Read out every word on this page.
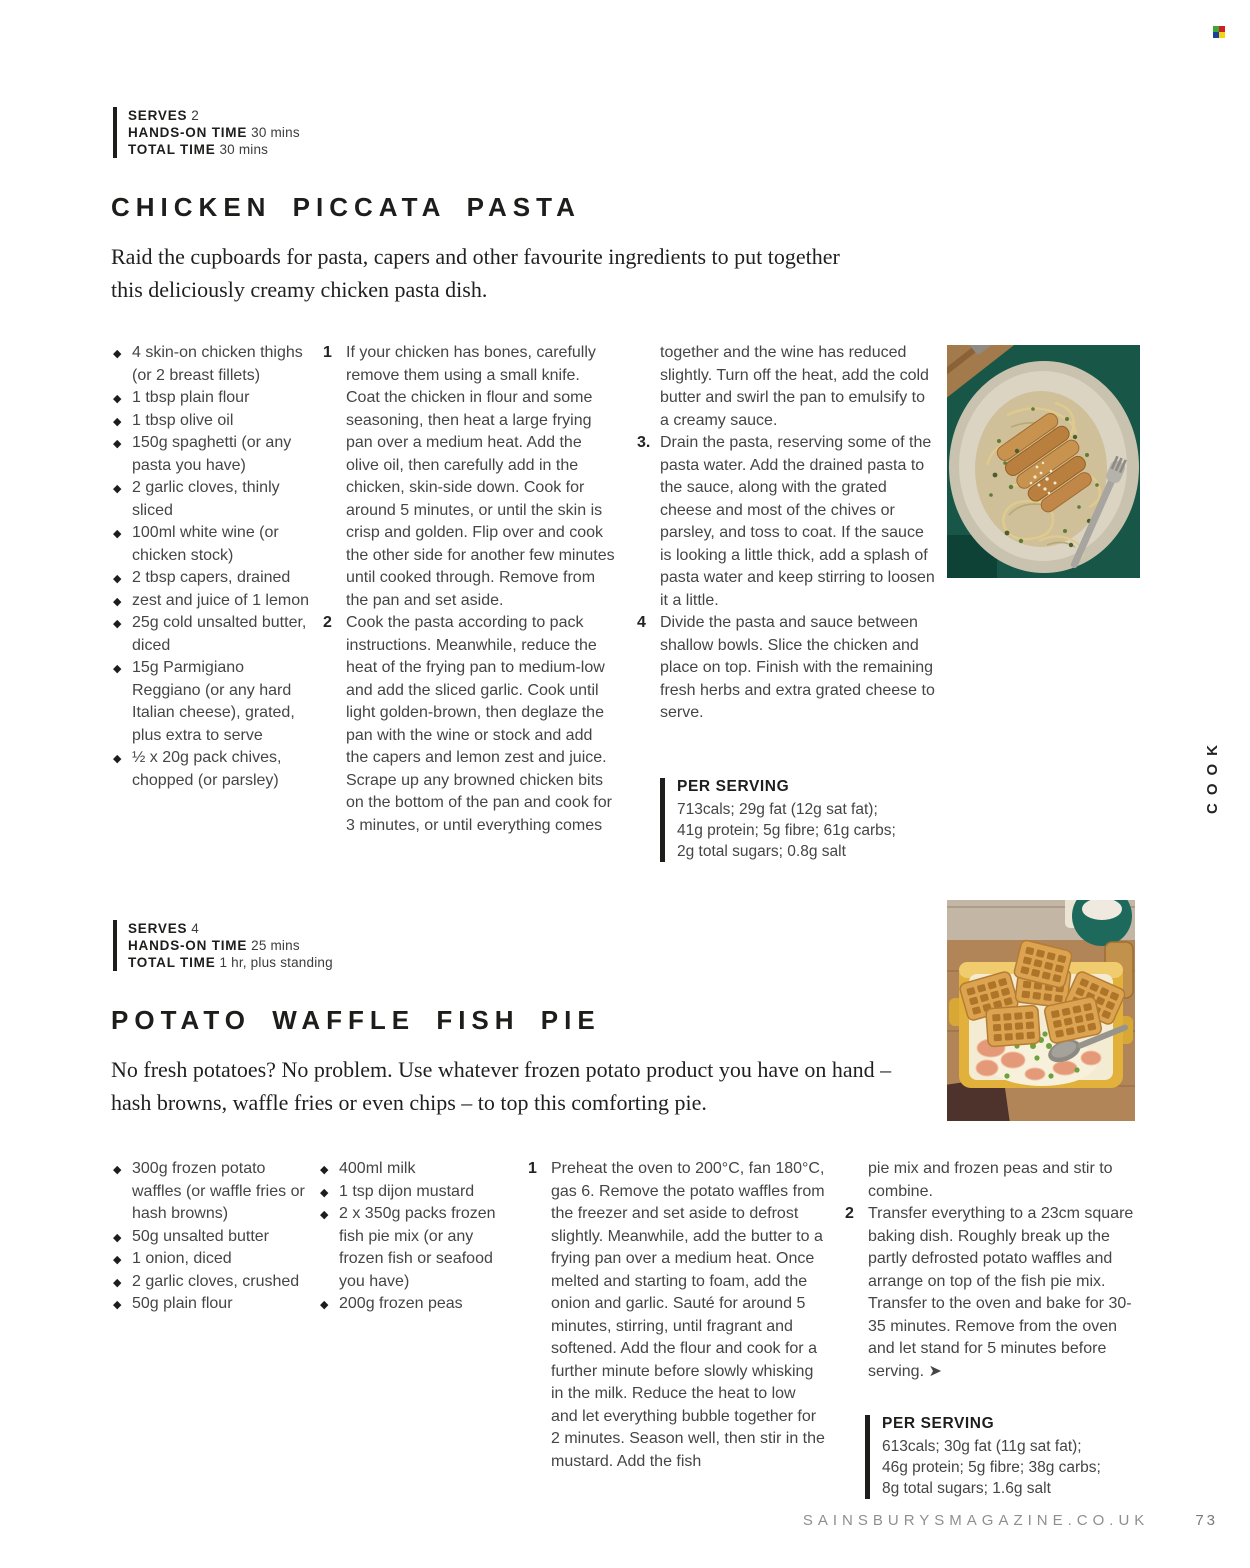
SERVES 2
HANDS-ON TIME 30 mins
TOTAL TIME 30 mins
CHICKEN PICCATA PASTA

Raid the cupboards for pasta, capers and other favourite ingredients to put together this deliciously creamy chicken pasta dish.

◆ 4 skin-on chicken thighs (or 2 breast fillets)
◆ 1 tbsp plain flour
◆ 1 tbsp olive oil
◆ 150g spaghetti (or any pasta you have)
◆ 2 garlic cloves, thinly sliced
◆ 100ml white wine (or chicken stock)
◆ 2 tbsp capers, drained
◆ zest and juice of 1 lemon
◆ 25g cold unsalted butter, diced
◆ 15g Parmigiano Reggiano (or any hard Italian cheese), grated, plus extra to serve
◆ ½ x 20g pack chives, chopped (or parsley)
1 If your chicken has bones, carefully remove them using a small knife. Coat the chicken in flour and some seasoning, then heat a large frying pan over a medium heat. Add the olive oil, then carefully add in the chicken, skin-side down. Cook for around 5 minutes, or until the skin is crisp and golden. Flip over and cook the other side for another few minutes until cooked through. Remove from the pan and set aside.
2 Cook the pasta according to pack instructions. Meanwhile, reduce the heat of the frying pan to medium-low and add the sliced garlic. Cook until light golden-brown, then deglaze the pan with the wine or stock and add the capers and lemon zest and juice. Scrape up any browned chicken bits on the bottom of the pan and cook for 3 minutes, or until everything comes
together and the wine has reduced slightly. Turn off the heat, add the cold butter and swirl the pan to emulsify to a creamy sauce.
3. Drain the pasta, reserving some of the pasta water. Add the drained pasta to the sauce, along with the grated cheese and most of the chives or parsley, and toss to coat. If the sauce is looking a little thick, add a splash of pasta water and keep stirring to loosen it a little.
4 Divide the pasta and sauce between shallow bowls. Slice the chicken and place on top. Finish with the remaining fresh herbs and extra grated cheese to serve.
PER SERVING
713cals; 29g fat (12g sat fat);
41g protein; 5g fibre; 61g carbs;
2g total sugars; 0.8g salt
COOK
SERVES 4
HANDS-ON TIME 25 mins
TOTAL TIME 1 hr, plus standing
POTATO WAFFLE FISH PIE

No fresh potatoes? No problem. Use whatever frozen potato product you have on hand – hash browns, waffle fries or even chips – to top this comforting pie.

◆ 300g frozen potato waffles (or waffle fries or hash browns)
◆ 50g unsalted butter
◆ 1 onion, diced
◆ 2 garlic cloves, crushed
◆ 50g plain flour
◆ 400ml milk
◆ 1 tsp dijon mustard
◆ 2 x 350g packs frozen fish pie mix (or any frozen fish or seafood you have)
◆ 200g frozen peas
1 Preheat the oven to 200°C, fan 180°C, gas 6. Remove the potato waffles from the freezer and set aside to defrost slightly. Meanwhile, add the butter to a frying pan over a medium heat. Once melted and starting to foam, add the onion and garlic. Sauté for around 5 minutes, stirring, until fragrant and softened. Add the flour and cook for a further minute before slowly whisking in the milk. Reduce the heat to low and let everything bubble together for 2 minutes. Season well, then stir in the mustard. Add the fish
pie mix and frozen peas and stir to combine.
2 Transfer everything to a 23cm square baking dish. Roughly break up the partly defrosted potato waffles and arrange on top of the fish pie mix. Transfer to the oven and bake for 30-35 minutes. Remove from the oven and let stand for 5 minutes before serving. ➤
PER SERVING
613cals; 30g fat (11g sat fat);
46g protein; 5g fibre; 38g carbs;
8g total sugars; 1.6g salt
SAINSBURYSMAGAZINE.CO.UK	73
